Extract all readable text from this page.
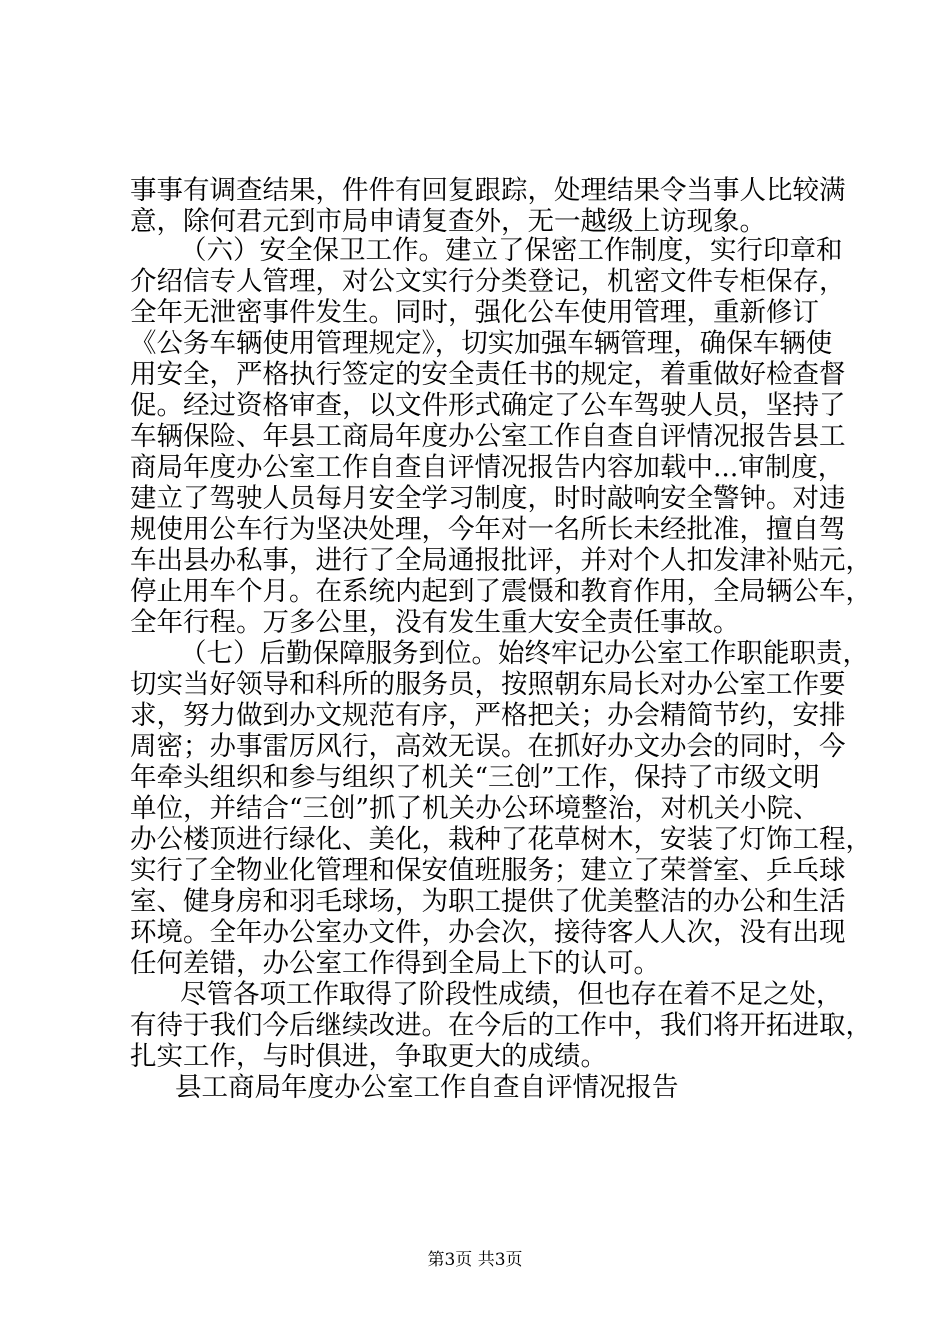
事事有调查结果，件件有回复跟踪，处理结果令当事人比较满
意，除何君元到市局申请复查外，无一越级上访现象。
（六）安全保卫工作。建立了保密工作制度，实行印章和
介绍信专人管理，对公文实行分类登记，机密文件专柜保存，
全年无泄密事件发生。同时，强化公车使用管理，重新修订
《公务车辆使用管理规定》，切实加强车辆管理，确保车辆使
用安全，严格执行签定的安全责任书的规定，着重做好检查督
促。经过资格审查，以文件形式确定了公车驾驶人员，坚持了
车辆保险、年县工商局年度办公室工作自查自评情况报告县工
商局年度办公室工作自查自评情况报告内容加载中...审制度，
建立了驾驶人员每月安全学习制度，时时敲响安全警钟。对违
规使用公车行为坚决处理，今年对一名所长未经批准，擅自驾
车出县办私事，进行了全局通报批评，并对个人扣发津补贴元，
停止用车个月。在系统内起到了震慑和教育作用，全局辆公车，
全年行程。万多公里，没有发生重大安全责任事故。
（七）后勤保障服务到位。始终牢记办公室工作职能职责，
切实当好领导和科所的服务员，按照朝东局长对办公室工作要
求，努力做到办文规范有序，严格把关；办会精简节约，安排
周密；办事雷厉风行，高效无误。在抓好办文办会的同时，今
年牵头组织和参与组织了机关“三创”工作，保持了市级文明
单位，并结合“三创”抓了机关办公环境整治，对机关小院、
办公楼顶进行绿化、美化，栽种了花草树木，安装了灯饰工程，
实行了全物业化管理和保安值班服务；建立了荣誉室、乒乓球
室、健身房和羽毛球场，为职工提供了优美整洁的办公和生活
环境。全年办公室办文件，办会次，接待客人人次，没有出现
任何差错，办公室工作得到全局上下的认可。
尽管各项工作取得了阶段性成绩，但也存在着不足之处，
有待于我们今后继续改进。在今后的工作中，我们将开拓进取，
扎实工作，与时俱进，争取更大的成绩。
县工商局年度办公室工作自查自评情况报告
第3页 共3页
